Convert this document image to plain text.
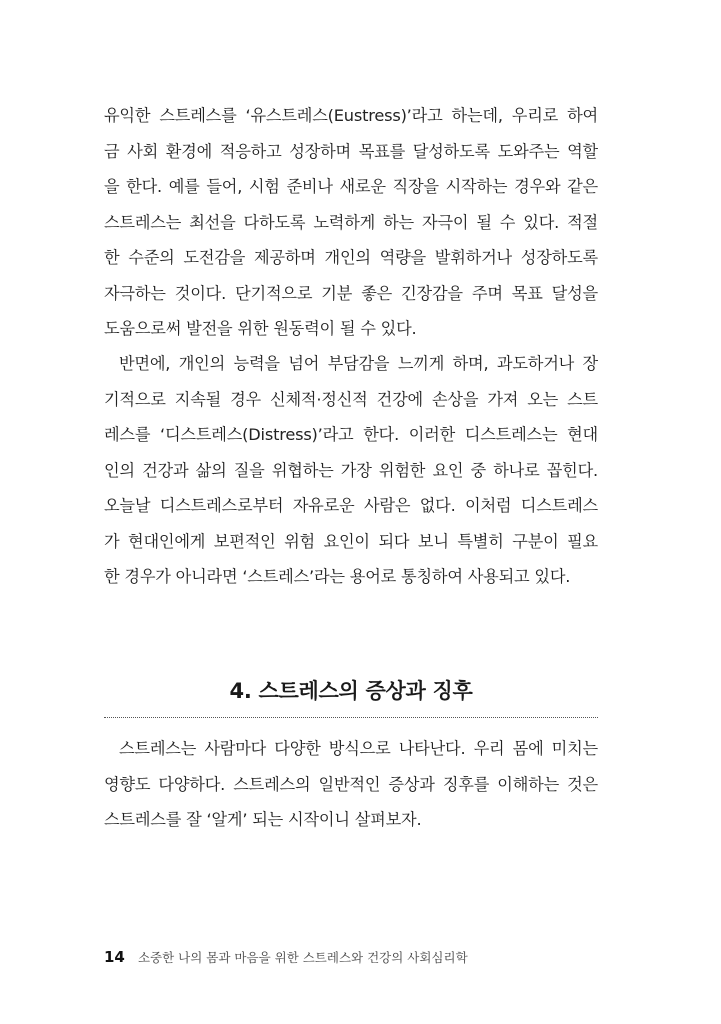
유익한 스트레스를 ‘유스트레스(Eustress)’라고 하는데, 우리로 하여
금 사회 환경에 적응하고 성장하며 목표를 달성하도록 도와주는 역할
을 한다. 예를 들어, 시험 준비나 새로운 직장을 시작하는 경우와 같은
스트레스는 최선을 다하도록 노력하게 하는 자극이 될 수 있다. 적절
한 수준의 도전감을 제공하며 개인의 역량을 발휘하거나 성장하도록
자극하는 것이다. 단기적으로 기분 좋은 긴장감을 주며 목표 달성을
도움으로써 발전을 위한 원동력이 될 수 있다.
반면에, 개인의 능력을 넘어 부담감을 느끼게 하며, 과도하거나 장
기적으로 지속될 경우 신체적·정신적 건강에 손상을 가져 오는 스트
레스를 ‘디스트레스(Distress)’라고 한다. 이러한 디스트레스는 현대
인의 건강과 삶의 질을 위협하는 가장 위험한 요인 중 하나로 꼽힌다.
오늘날 디스트레스로부터 자유로운 사람은 없다. 이처럼 디스트레스
가 현대인에게 보편적인 위험 요인이 되다 보니 특별히 구분이 필요
한 경우가 아니라면 ‘스트레스’라는 용어로 통칭하여 사용되고 있다.
4. 스트레스의 증상과 징후
스트레스는 사람마다 다양한 방식으로 나타난다. 우리 몸에 미치는
영향도 다양하다. 스트레스의 일반적인 증상과 징후를 이해하는 것은
스트레스를 잘 ‘알게’ 되는 시작이니 살펴보자.
14 소중한 나의 몸과 마음을 위한 스트레스와 건강의 사회심리학
